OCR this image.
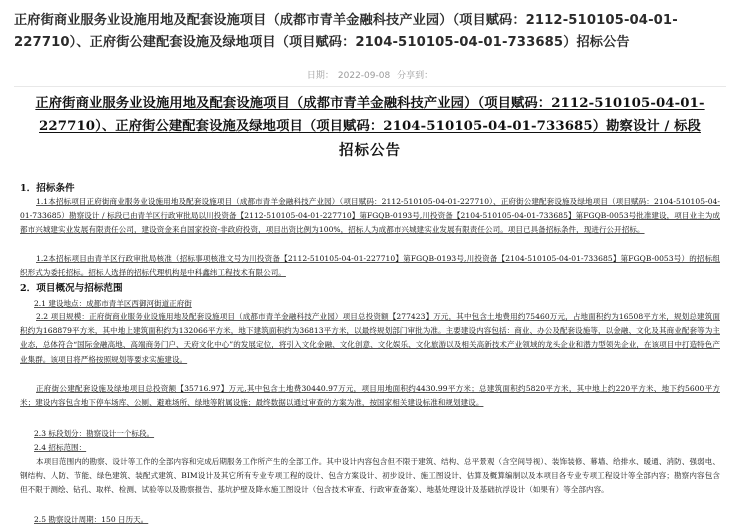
正府街商业服务业设施用地及配套设施项目（成都市青羊金融科技产业园）（项目赋码：2112-510105-04-01-227710）、正府街公建配套设施及绿地项目（项目赋码：2104-510105-04-01-733685）招标公告
日期： 2022-09-08 分享到：
正府街商业服务业设施用地及配套设施项目（成都市青羊金融科技产业园）（项目赋码：2112-510105-04-01-227710）、正府街公建配套设施及绿地项目（项目赋码：2104-510105-04-01-733685）勘察设计 / 标段
招标公告
1．招标条件

1.1本招标项目正府街商业服务业设施用地及配套设施项目（成都市青羊金融科技产业园）（项目赋码：2112-510105-04-01-227710）、正府街公建配套设施及绿地项目（项目赋码：2104-510105-04-01-733685）勘察设计 / 标段已由青羊区行政审批局以川投资备【2112-510105-04-01-227710】第FGQB-0193号,川投资备【2104-510105-04-01-733685】第FGQB-0053号批准建设，项目业主为成都市兴城建实业发展有限责任公司，建设资金来自国家投资-非政府投资，项目出资比例为100%，招标人为成都市兴城建实业发展有限责任公司。项目已具备招标条件，现进行公开招标。

1.2本招标项目由青羊区行政审批局核准（招标事项核准文号为川投资备【2112-510105-04-01-227710】第FGQB-0193号,川投资备【2104-510105-04-01-733685】第FGQB-0053号）的招标组织形式为委托招标。招标人选择的招标代理机构是中科鑫纬工程技术有限公司。

2．项目概况与招标范围

2.1 建设地点：成都市青羊区西御河街道正府街

2.2 项目规模：正府街商业服务业设施用地及配套设施项目（成都市青羊金融科技产业园）项目总投资额【277423】万元，其中包含土地费用约75460万元，占地面积约为16508平方米，规划总建筑面积约为168879平方米，其中地上建筑面积约为132066平方米，地下建筑面积约为36813平方米，以最终规划部门审批为准。主要建设内容包括：商业、办公及配套设施等，以金融、文化及其商业配套等为主业态，总体符合“国际金融高地、高端商务门户、天府文化中心”的发展定位，将引入文化金融、文化创意、文化娱乐、文化旅游以及相关高新技术产业领域的龙头企业和潜力型领先企业，在该项目中打造特色产业集群。该项目将严格按照规划等要求实施建设。

正府街公建配套设施及绿地项目总投资额【35716.97】万元,其中包含土地费30440.97万元，项目用地面积约4430.99平方米；总建筑面积约5820平方米，其中地上约220平方米、地下约5600平方米；建设内容包含地下停车场库、公厕、避难场所、绿地等附属设施；最终数据以通过审查的方案为准，按国家相关建设标准和规划建设。

2.3 标段划分：勘察设计一个标段。

2.4 招标范围：

本项目范围内的勘察、设计等工作的全部内容和完成后期服务工作所产生的全部工作。其中设计内容包含但不限于建筑、结构、总平景观（含空间导视）、装饰装修、幕墙、给排水、暖通、消防、强弱电、钢结构、人防、节能、绿色建筑、装配式建筑、BIM设计及其它所有专业专项工程的设计、包含方案设计、初步设计、施工图设计、估算及概算编制以及本项目各专业专项工程设计等全部内容；勘察内容包含但不限于测绘、钻孔、取样、检测、试验等以及勘察报告、基坑护壁及降水施工图设计（包含技术审查、行政审查备案）、地基处理设计及基础抗浮设计（如果有）等全部内容。

2.5 勘察设计周期：150 日历天。
